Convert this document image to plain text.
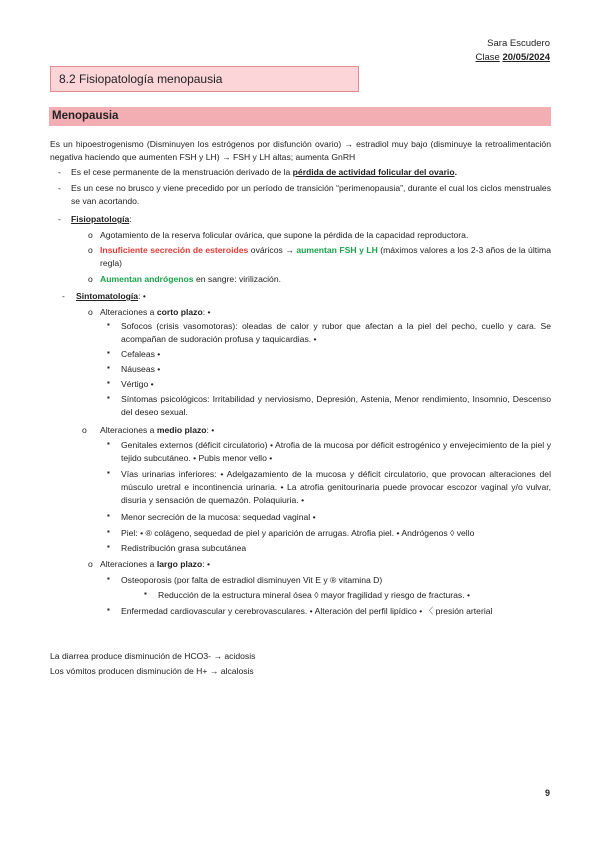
Sara Escudero
Clase 20/05/2024
8.2 Fisiopatología menopausia
Menopausia
Es un hipoestrogenismo (Disminuyen los estrógenos por disfunción ovario) → estradiol muy bajo (disminuye la retroalimentación negativa haciendo que aumenten FSH y LH) → FSH y LH altas; aumenta GnRH
- Es el cese permanente de la menstruación derivado de la pérdida de actividad folicular del ovario.
- Es un cese no brusco y viene precedido por un período de transición “perimenopausia”, durante el cual los ciclos menstruales se van acortando.
- Fisiopatología:
o Agotamiento de la reserva folicular ovárica, que supone la pérdida de la capacidad reproductora.
o Insuficiente secreción de esteroides ováricos → aumentan FSH y LH (máximos valores a los 2-3 años de la última regla)
o Aumentan andrógenos en sangre: virilización.
- Sintomatología: •
o Alteraciones a corto plazo: •
▪ Sofocos (crisis vasomotoras): oleadas de calor y rubor que afectan a la piel del pecho, cuello y cara. Se acompañan de sudoración profusa y taquicardias. •
▪ Cefaleas •
▪ Náuseas •
▪ Vértigo •
▪ Síntomas psicológicos: Irritabilidad y nerviosismo, Depresión, Astenia, Menor rendimiento, Insomnio, Descenso del deseo sexual.
o Alteraciones a medio plazo: •
▪ Genitales externos (déficit circulatorio) • Atrofia de la mucosa por déficit estrogénico y envejecimiento de la piel y tejido subcutáneo. • Pubis menor vello •
▪ Vías urinarias inferiores: • Adelgazamiento de la mucosa y déficit circulatorio, que provocan alteraciones del músculo uretral e incontinencia urinaria. • La atrofia genitourinaria puede provocar escozor vaginal y/o vulvar, disuria y sensación de quemazón. Polaquiuria. •
▪ Menor secreción de la mucosa: sequedad vaginal •
▪ Piel: • ® colágeno, sequedad de piel y aparición de arrugas. Atrofia piel. • Andrógenos ◊ vello
▪ Redistribución grasa subcutánea
o Alteraciones a largo plazo: •
▪ Osteoporosis (por falta de estradiol disminuyen Vit E y ® vitamina D)
▪ Reducción de la estructura mineral ósea ◊ mayor fragilidad y riesgo de fracturas. •
▪ Enfermedad cardiovascular y cerebrovasculares. • Alteración del perfil lipídico • 〈 presión arterial
La diarrea produce disminución de HCO3- → acidosis
Los vómitos producen disminución de H+ → alcalosis
9
